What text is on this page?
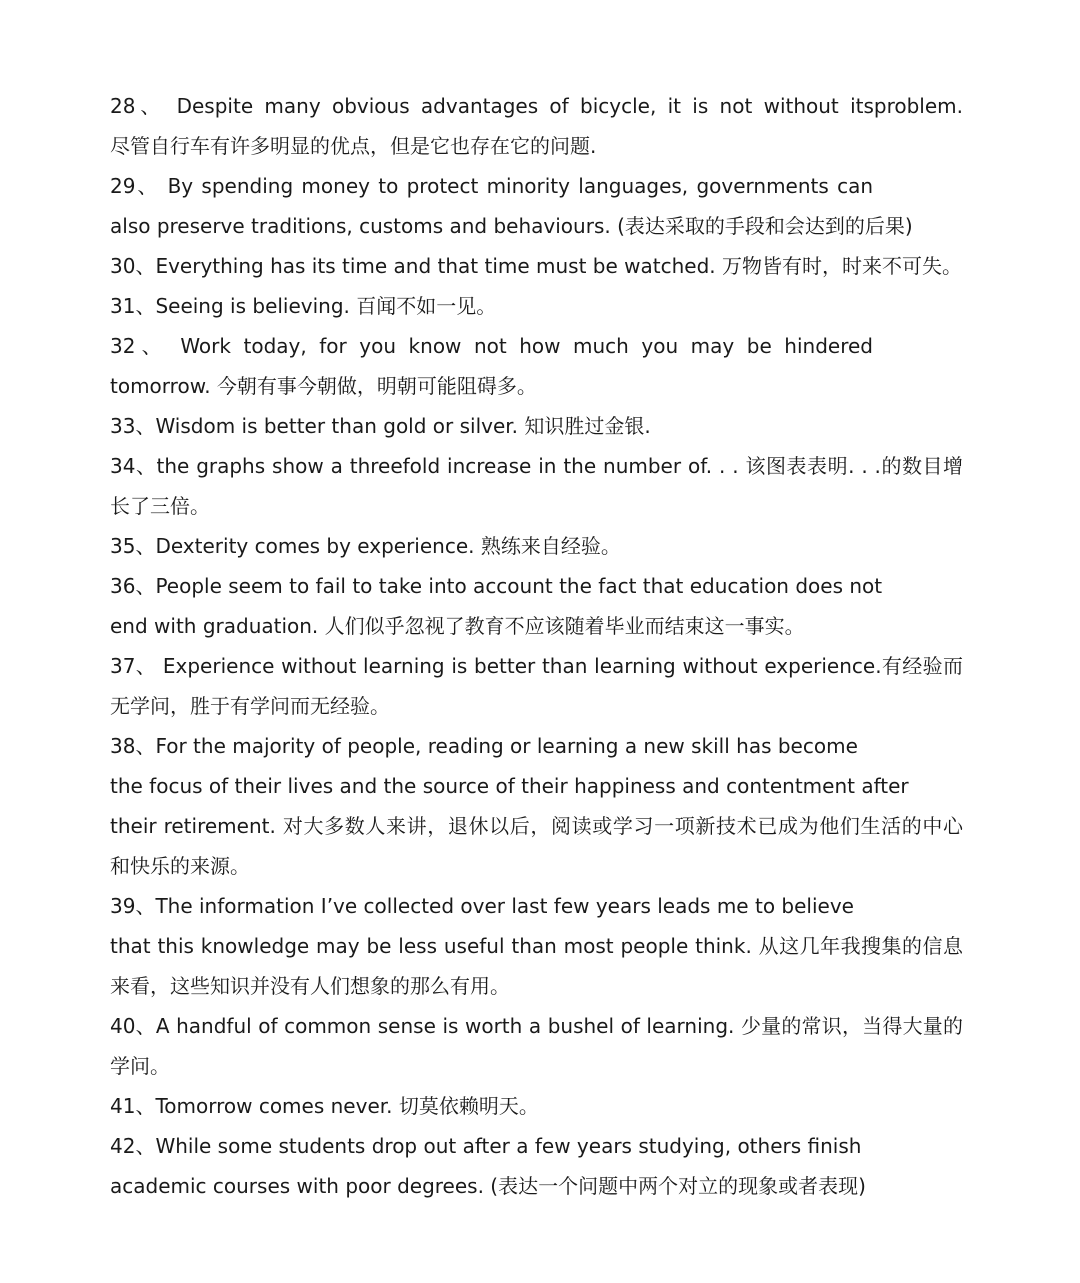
28、 Despite many obvious advantages of bicycle, it is not without itsproblem.
尽管自行车有许多明显的优点，但是它也存在它的问题.
29、 By spending money to protect minority languages, governments can
also preserve traditions, customs and behaviours. (表达采取的手段和会达到的后果)
30、Everything has its time and that time must be watched. 万物皆有时，时来不可失。
31、Seeing is believing. 百闻不如一见。
32、 Work today, for you know not how much you may be hindered
tomorrow. 今朝有事今朝做，明朝可能阻碍多。
33、Wisdom is better than gold or silver. 知识胜过金银.
34、the graphs show a threefold increase in the number of. . . 该图表表明. . .的数目增
长了三倍。
35、Dexterity comes by experience. 熟练来自经验。
36、People seem to fail to take into account the fact that education does not
end with graduation. 人们似乎忽视了教育不应该随着毕业而结束这一事实。
37、 Experience without learning is better than learning without experience.有经验而
无学问，胜于有学问而无经验。
38、For the majority of people, reading or learning a new skill has become
the focus of their lives and the source of their happiness and contentment after
their retirement. 对大多数人来讲，退休以后，阅读或学习一项新技术已成为他们生活的中心
和快乐的来源。
39、The information I’ve collected over last few years leads me to believe
that this knowledge may be less useful than most people think. 从这几年我搜集的信息
来看，这些知识并没有人们想象的那么有用。
40、A handful of common sense is worth a bushel of learning. 少量的常识，当得大量的
学问。
41、Tomorrow comes never. 切莫依赖明天。
42、While some students drop out after a few years studying, others finish
academic courses with poor degrees. (表达一个问题中两个对立的现象或者表现)
